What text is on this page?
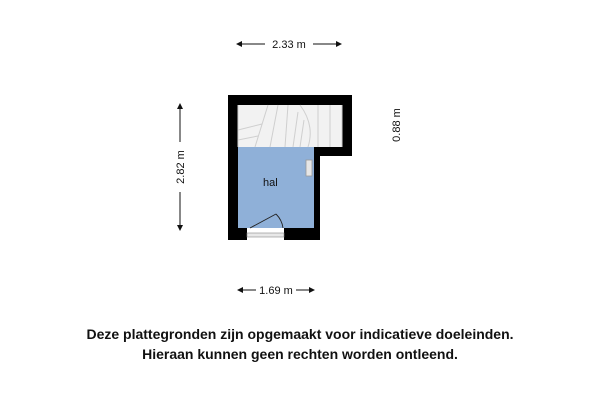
hal
2.33 m
2.82 m
0.88 m
1.69 m
Deze plattegronden zijn opgemaakt voor indicatieve doeleinden.
Hieraan kunnen geen rechten worden ontleend.
